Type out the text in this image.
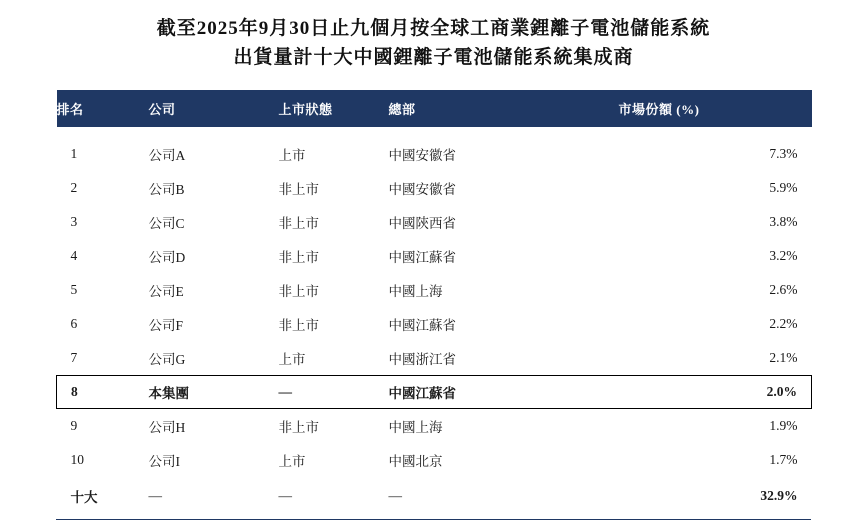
截至2025年9月30日止九個月按全球工商業鋰離子電池儲能系統
出貨量計十大中國鋰離子電池儲能系統集成商
排名	公司	上市狀態	總部	市場份額 (%)

1	公司A	上市	中國安徽省	7.3%
2	公司B	非上市	中國安徽省	5.9%
3	公司C	非上市	中國陝西省	3.8%
4	公司D	非上市	中國江蘇省	3.2%
5	公司E	非上市	中國上海	2.6%
6	公司F	非上市	中國江蘇省	2.2%
7	公司G	上市	中國浙江省	2.1%
8	本集團	—	中國江蘇省	2.0%
9	公司H	非上市	中國上海	1.9%
10	公司I	上市	中國北京	1.7%
十大	—	—	—	32.9%
